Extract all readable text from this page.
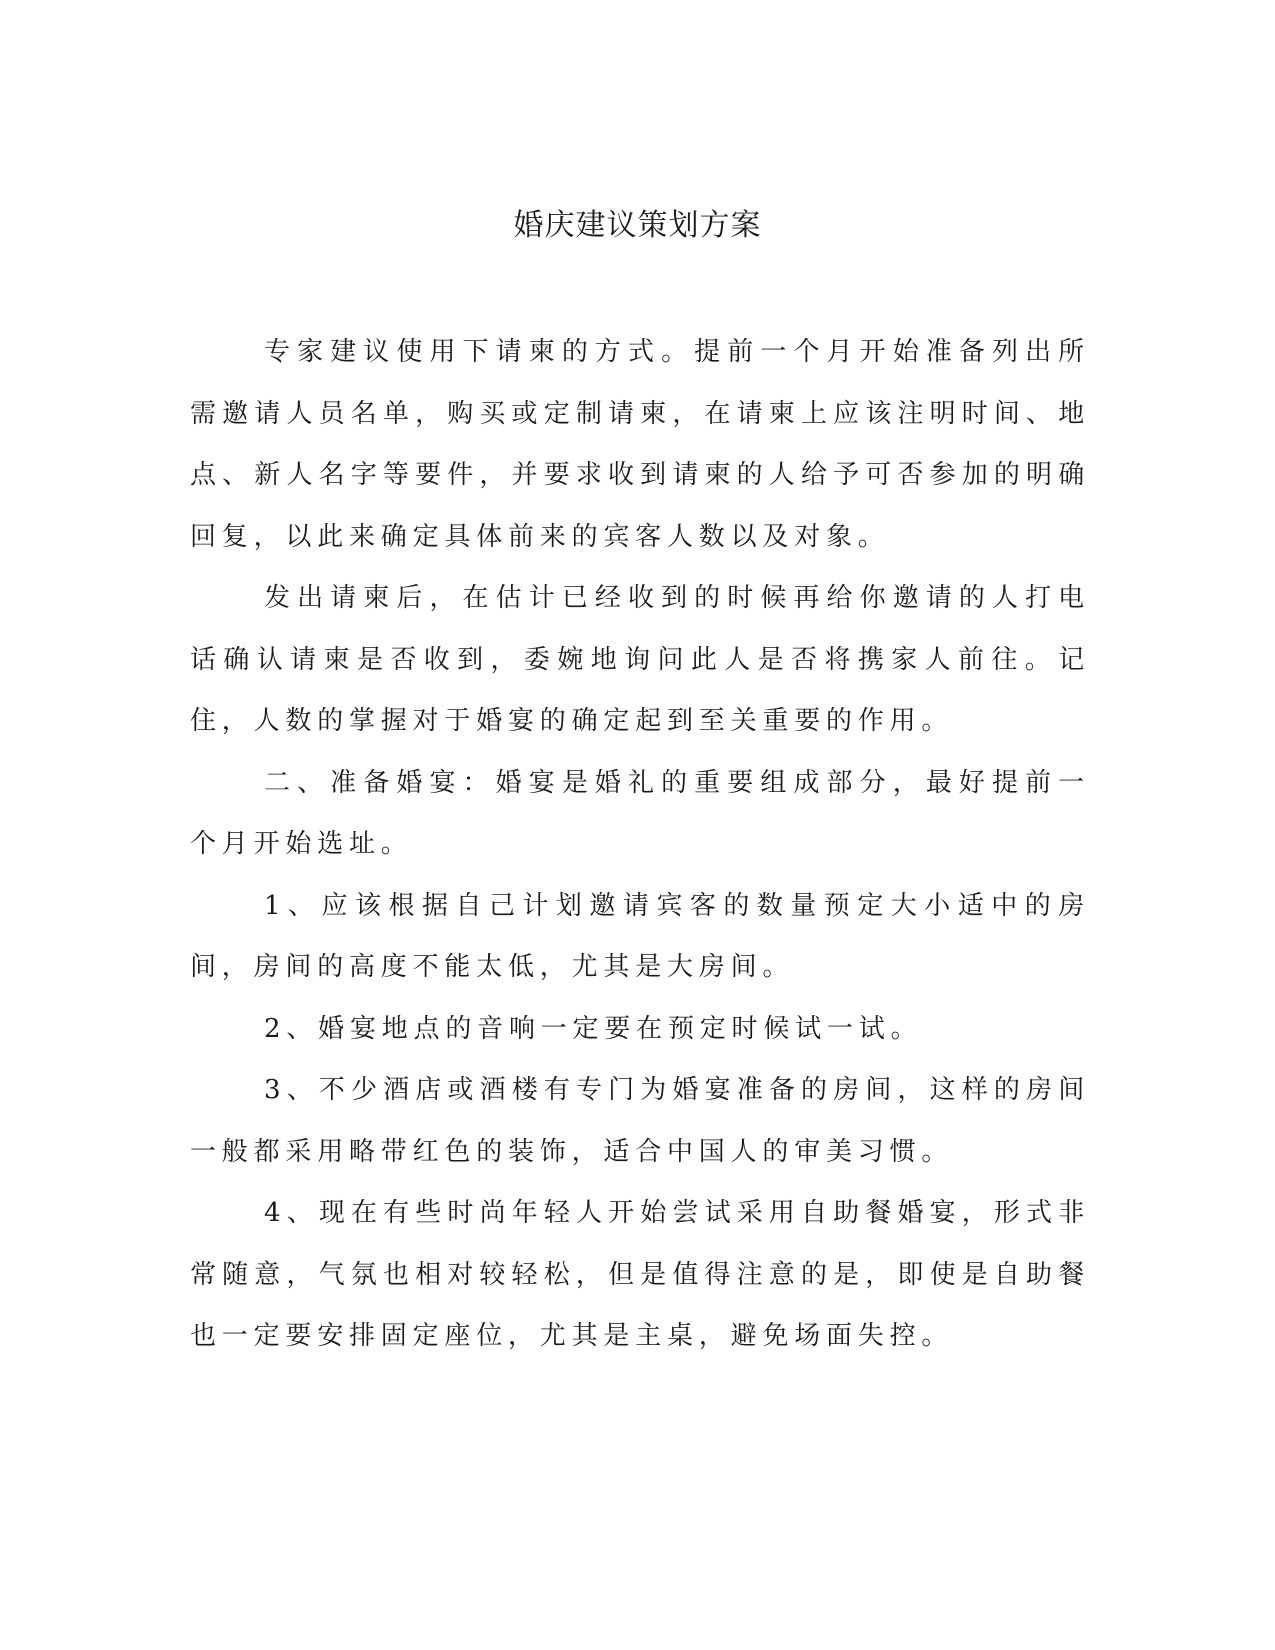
婚庆建议策划方案

专家建议使用下请柬的方式。提前一个月开始准备列出所需邀请人员名单，购买或定制请柬，在请柬上应该注明时间、地点、新人名字等要件，并要求收到请柬的人给予可否参加的明确回复，以此来确定具体前来的宾客人数以及对象。

发出请柬后，在估计已经收到的时候再给你邀请的人打电话确认请柬是否收到，委婉地询问此人是否将携家人前往。记住，人数的掌握对于婚宴的确定起到至关重要的作用。

二、准备婚宴：婚宴是婚礼的重要组成部分，最好提前一个月开始选址。

1、应该根据自己计划邀请宾客的数量预定大小适中的房间，房间的高度不能太低，尤其是大房间。

2、婚宴地点的音响一定要在预定时候试一试。

3、不少酒店或酒楼有专门为婚宴准备的房间，这样的房间一般都采用略带红色的装饰，适合中国人的审美习惯。

4、现在有些时尚年轻人开始尝试采用自助餐婚宴，形式非常随意，气氛也相对较轻松，但是值得注意的是，即使是自助餐也一定要安排固定座位，尤其是主桌，避免场面失控。
